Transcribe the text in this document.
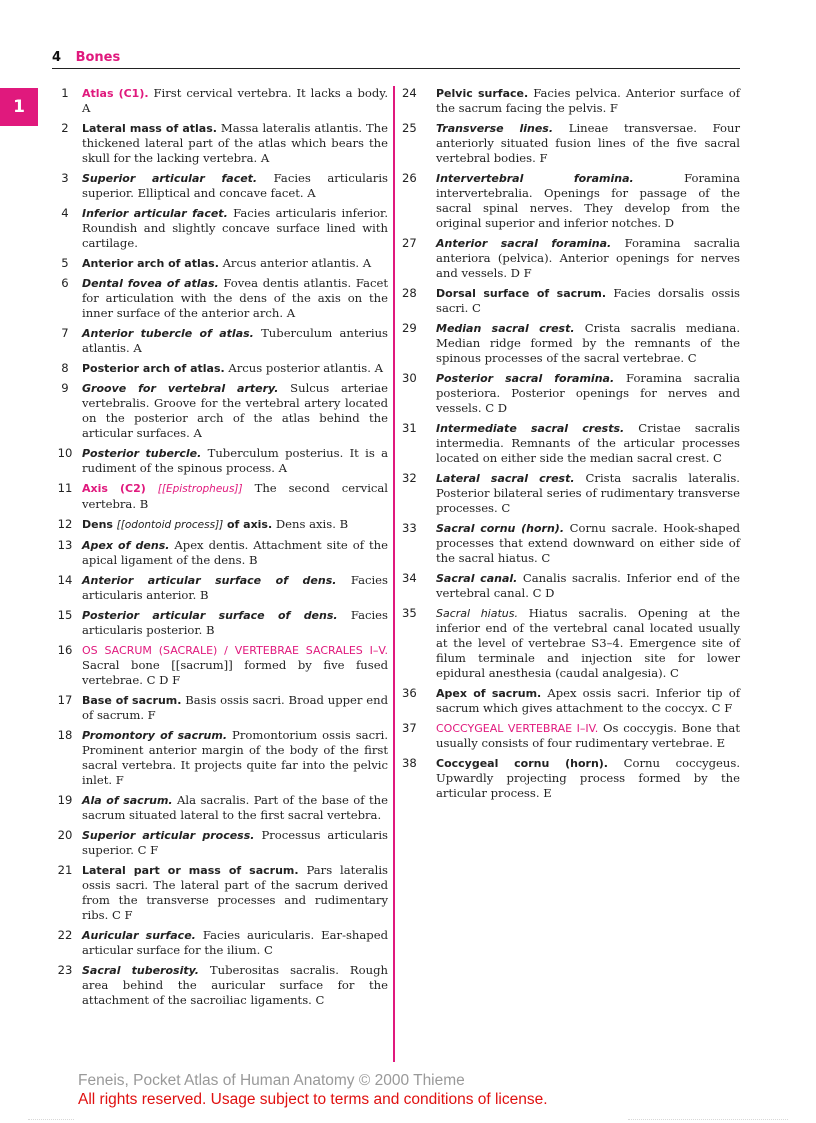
4 Bones
1
1	Atlas (C1). First cervical vertebra. It lacks a body. A
2	Lateral mass of atlas. Massa lateralis atlantis. The thickened lateral part of the atlas which bears the skull for the lacking vertebra. A
3	Superior articular facet. Facies articularis superior. Elliptical and concave facet. A
4	Inferior articular facet. Facies articularis inferior. Roundish and slightly concave surface lined with cartilage.
5	Anterior arch of atlas. Arcus anterior atlantis. A
6	Dental fovea of atlas. Fovea dentis atlantis. Facet for articulation with the dens of the axis on the inner surface of the anterior arch. A
7	Anterior tubercle of atlas. Tuberculum anterius atlantis. A
8	Posterior arch of atlas. Arcus posterior atlantis. A
9	Groove for vertebral artery. Sulcus arteriae vertebralis. Groove for the vertebral artery located on the posterior arch of the atlas behind the articular surfaces. A
10 Posterior tubercle. Tuberculum posterius. It is a rudiment of the spinous process. A
11 Axis (C2) [[Epistropheus]] The second cervical vertebra. B
12 Dens [[odontoid process]] of axis. Dens axis. B
13 Apex of dens. Apex dentis. Attachment site of the apical ligament of the dens. B
14 Anterior articular surface of dens. Facies articularis anterior. B
15 Posterior articular surface of dens. Facies articularis posterior. B
16 OS SACRUM (SACRALE) / VERTEBRAE SACRALES I–V. Sacral bone [[sacrum]] formed by five fused vertebrae. C D F
17 Base of sacrum. Basis ossis sacri. Broad upper end of sacrum. F
18 Promontory of sacrum. Promontorium ossis sacri. Prominent anterior margin of the body of the first sacral vertebra. It projects quite far into the pelvic inlet. F
19 Ala of sacrum. Ala sacralis. Part of the base of the sacrum situated lateral to the first sacral vertebra.
20 Superior articular process. Processus articularis superior. C F
21 Lateral part or mass of sacrum. Pars lateralis ossis sacri. The lateral part of the sacrum derived from the transverse processes and rudimentary ribs. C F
22 Auricular surface. Facies auricularis. Ear-shaped articular surface for the ilium. C
23 Sacral tuberosity. Tuberositas sacralis. Rough area behind the auricular surface for the attachment of the sacroiliac ligaments. C
24	Pelvic surface. Facies pelvica. Anterior surface of the sacrum facing the pelvis. F
25	Transverse lines. Lineae transversae. Four anteriorly situated fusion lines of the five sacral vertebral bodies. F
26	Intervertebral foramina.	Foramina intervertebralia. Openings for passage of the sacral spinal nerves. They develop from the original superior and inferior notches. D
27	Anterior sacral foramina. Foramina sacralia anteriora (pelvica). Anterior openings for nerves and vessels. D F
28	Dorsal surface of sacrum. Facies dorsalis ossis sacri. C
29	Median sacral crest. Crista sacralis mediana. Median ridge formed by the remnants of the spinous processes of the sacral vertebrae. C
30	Posterior sacral foramina. Foramina sacralia posteriora. Posterior openings for nerves and vessels. C D
31	Intermediate sacral crests. Cristae sacralis intermedia. Remnants of the articular processes located on either side the median sacral crest. C
32	Lateral sacral crest. Crista sacralis lateralis. Posterior bilateral series of rudimentary transverse processes. C
33	Sacral cornu (horn). Cornu sacrale. Hook-shaped processes that extend downward on either side of the sacral hiatus. C
34	Sacral canal. Canalis sacralis. Inferior end of the vertebral canal. C D
35	Sacral hiatus. Hiatus sacralis. Opening at the inferior end of the vertebral canal located usually at the level of vertebrae S3–4. Emergence site of filum terminale and injection site for lower epidural anesthesia (caudal analgesia). C
36	Apex of sacrum. Apex ossis sacri. Inferior tip of sacrum which gives attachment to the coccyx. C F
37	COCCYGEAL VERTEBRAE I–IV. Os coccygis. Bone that usually consists of four rudimentary vertebrae. E
38	Coccygeal cornu (horn). Cornu coccygeus. Upwardly projecting process formed by the articular process. E
Feneis, Pocket Atlas of Human Anatomy © 2000 Thieme
All rights reserved. Usage subject to terms and conditions of license.
